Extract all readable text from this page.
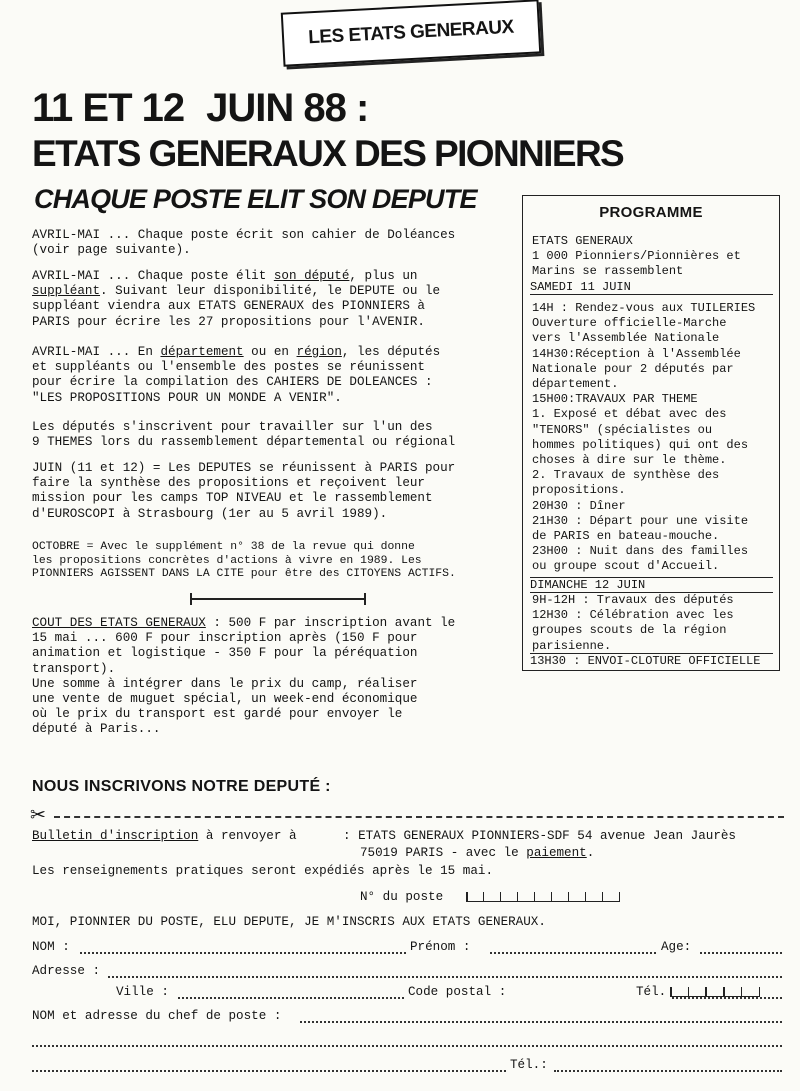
LES ETATS GENERAUX
11 ET 12 JUIN 88 :
ETATS GENERAUX DES PIONNIERS
CHAQUE POSTE ELIT SON DEPUTE

AVRIL-MAI ... Chaque poste écrit son cahier de Doléances
(voir page suivante).

AVRIL-MAI ... Chaque poste élit son député, plus un
suppléant. Suivant leur disponibilité, le DEPUTE ou le
suppléant viendra aux ETATS GENERAUX des PIONNIERS à
PARIS pour écrire les 27 propositions pour l'AVENIR.

AVRIL-MAI ... En département ou en région, les députés
et suppléants ou l'ensemble des postes se réunissent
pour écrire la compilation des CAHIERS DE DOLEANCES :
"LES PROPOSITIONS POUR UN MONDE A VENIR".

Les députés s'inscrivent pour travailler sur l'un des
9 THEMES lors du rassemblement départemental ou régional

JUIN (11 et 12) = Les DEPUTES se réunissent à PARIS pour
faire la synthèse des propositions et reçoivent leur
mission pour les camps TOP NIVEAU et le rassemblement
d'EUROSCOPI à Strasbourg (1er au 5 avril 1989).

OCTOBRE = Avec le supplément n° 38 de la revue qui donne
les propositions concrètes d'actions à vivre en 1989. Les
PIONNIERS AGISSENT DANS LA CITE pour être des CITOYENS ACTIFS.

COUT DES ETATS GENERAUX : 500 F par inscription avant le
15 mai ... 600 F pour inscription après (150 F pour
animation et logistique - 350 F pour la péréquation
transport).
Une somme à intégrer dans le prix du camp, réaliser
une vente de muguet spécial, un week-end économique
où le prix du transport est gardé pour envoyer le
député à Paris...

PROGRAMME
ETATS GENERAUX
1 000 Pionniers/Pionnières et
Marins se rassemblent
SAMEDI 11 JUIN
14H : Rendez-vous aux TUILERIES
Ouverture officielle-Marche
vers l'Assemblée Nationale
14H30:Réception à l'Assemblée
Nationale pour 2 députés par
département.
15H00:TRAVAUX PAR THEME
1. Exposé et débat avec des
"TENORS" (spécialistes ou
hommes politiques) qui ont des
choses à dire sur le thème.
2. Travaux de synthèse des
propositions.
20H30 : Dîner
21H30 : Départ pour une visite
de PARIS en bateau-mouche.
23H00 : Nuit dans des familles
ou groupe scout d'Accueil.
DIMANCHE 12 JUIN
9H-12H : Travaux des députés
12H30 : Célébration avec les
groupes scouts de la région
parisienne.
13H30 : ENVOI-CLOTURE OFFICIELLE
NOUS INSCRIVONS NOTRE DEPUTÉ :
✂
Bulletin d'inscription à renvoyer à	: ETATS GENERAUX PIONNIERS-SDF 54 avenue Jean Jaurès
75019 PARIS - avec le paiement.
Les renseignements pratiques seront expédiés après le 15 mai.
N° du poste

MOI, PIONNIER DU POSTE, ELU DEPUTE, JE M'INSCRIS AUX ETATS GENERAUX.
NOM :	Prénom :	Age:
Adresse :
Ville :	Code postal :	Tél.
NOM et adresse du chef de poste :
Tél.:
